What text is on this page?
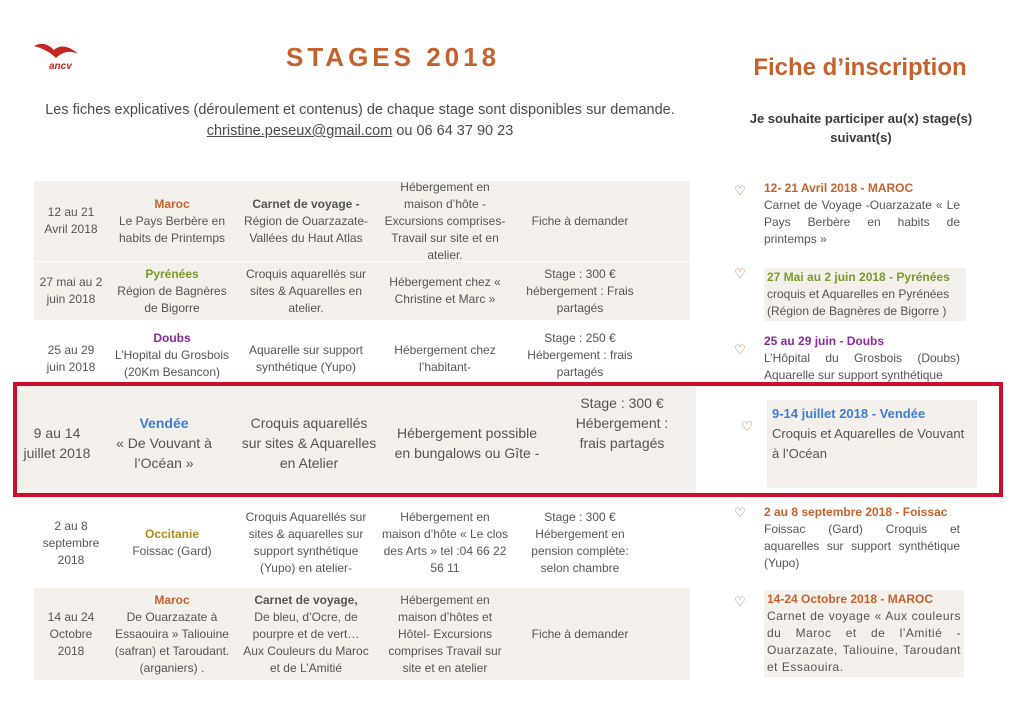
ancv	STAGES 2018
Les fiches explicatives (déroulement et contenus) de chaque stage sont disponibles sur demande.
christine.peseux@gmail.com ou 06 64 37 90 23
Fiche d’inscription
Je souhaite participer au(x) stage(s) suivant(s)
12 au 21 Avril 2018
Maroc
Le Pays Berbère en habits de Printemps
Carnet de voyage -
Région de Ouarzazate- Vallées du Haut Atlas
Hébergement en maison d’hôte - Excursions comprises- Travail sur site et en atelier.
Fiche à demander
27 mai au 2 juin 2018
Pyrénées
Région de Bagnères de Bigorre
Croquis aquarellés sur sites & Aquarelles en atelier.
Hébergement chez « Christine et Marc »
Stage : 300 € hébergement : Frais partagés
25 au 29 juin 2018
Doubs
L’Hopital du Grosbois (20Km Besancon)
Aquarelle sur support synthétique (Yupo)
Hébergement chez l’habitant-
Stage : 250 € Hébergement : frais partagés
9 au 14 juillet 2018
Vendée
« De Vouvant à l’Océan »
Croquis aquarellés sur sites & Aquarelles en Atelier
Hébergement possible en bungalows ou Gîte -
Stage : 300 € Hébergement : frais partagés
♡
9-14 juillet 2018 - Vendée
Croquis et Aquarelles de Vouvant à l’Océan
2 au 8 septembre 2018
Occitanie
Foissac (Gard)
Croquis Aquarellés sur sites & aquarelles sur support synthétique (Yupo) en atelier-
Hébergement en maison d’hôte « Le clos des Arts » tel :04 66 22 56 11
Stage : 300 € Hébergement en pension complète: selon chambre
14 au 24 Octobre 2018
Maroc
De Ouarzazate à Essaouira » Taliouine (safran) et Taroudant. (arganiers) .
Carnet de voyage,
De bleu, d’Ocre, de pourpre et de vert… Aux Couleurs du Maroc et de L’Amitié
Hébergement en maison d’hôtes et Hôtel- Excursions comprises Travail sur site et en atelier
Fiche à demander
♡ 12- 21 Avril 2018 - MAROC
Carnet de Voyage -Ouarzazate « Le Pays Berbère en habits de printemps »
♡ 27 Mai au 2 juin 2018 - Pyrénées
croquis et Aquarelles en Pyrénées (Région de Bagnères de Bigorre )
♡
25 au 29 juin - Doubs
L’Hôpital du Grosbois (Doubs) Aquarelle sur support synthétique
♡ 2 au 8 septembre 2018 - Foissac
Foissac (Gard) Croquis et aquarelles sur support synthétique (Yupo)
♡ 14-24 Octobre 2018 - MAROC
Carnet de voyage « Aux couleurs du Maroc et de l’Amitié - Ouarzazate, Taliouine, Taroudant et Essaouira.
